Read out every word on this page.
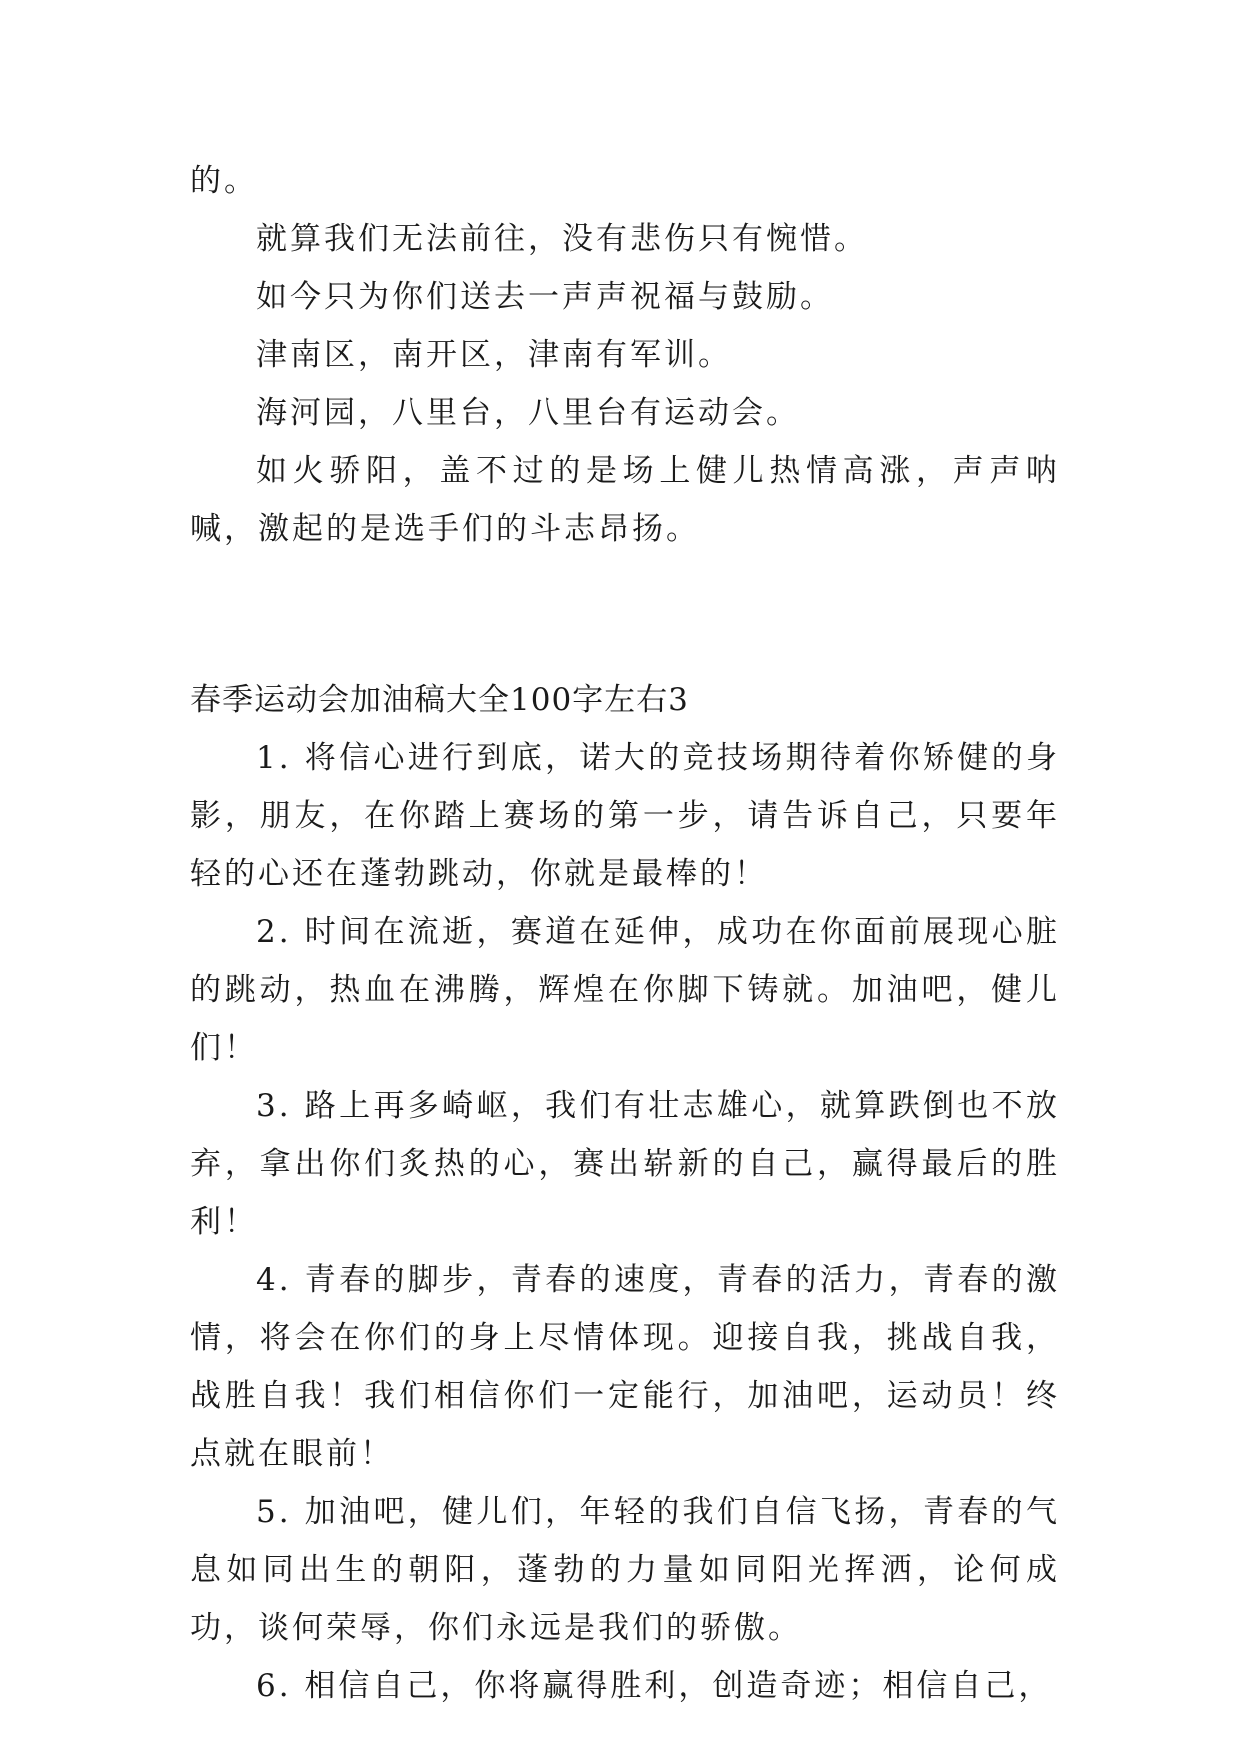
的。

就算我们无法前往，没有悲伤只有惋惜。

如今只为你们送去一声声祝福与鼓励。

津南区，南开区，津南有军训。

海河园，八里台，八里台有运动会。

如火骄阳，盖不过的是场上健儿热情高涨，声声呐喊，激起的是选手们的斗志昂扬。

春季运动会加油稿大全100字左右3

1. 将信心进行到底，诺大的竞技场期待着你矫健的身影，朋友，在你踏上赛场的第一步，请告诉自己，只要年轻的心还在蓬勃跳动，你就是最棒的！

2. 时间在流逝，赛道在延伸，成功在你面前展现心脏的跳动，热血在沸腾，辉煌在你脚下铸就。加油吧，健儿们！

3. 路上再多崎岖，我们有壮志雄心，就算跌倒也不放弃，拿出你们炙热的心，赛出崭新的自己，赢得最后的胜利！

4. 青春的脚步，青春的速度，青春的活力，青春的激情，将会在你们的身上尽情体现。迎接自我，挑战自我，战胜自我！我们相信你们一定能行，加油吧，运动员！终点就在眼前！

5. 加油吧，健儿们，年轻的我们自信飞扬，青春的气息如同出生的朝阳，蓬勃的力量如同阳光挥洒，论何成功，谈何荣辱，你们永远是我们的骄傲。

6. 相信自己，你将赢得胜利，创造奇迹；相信自己，
